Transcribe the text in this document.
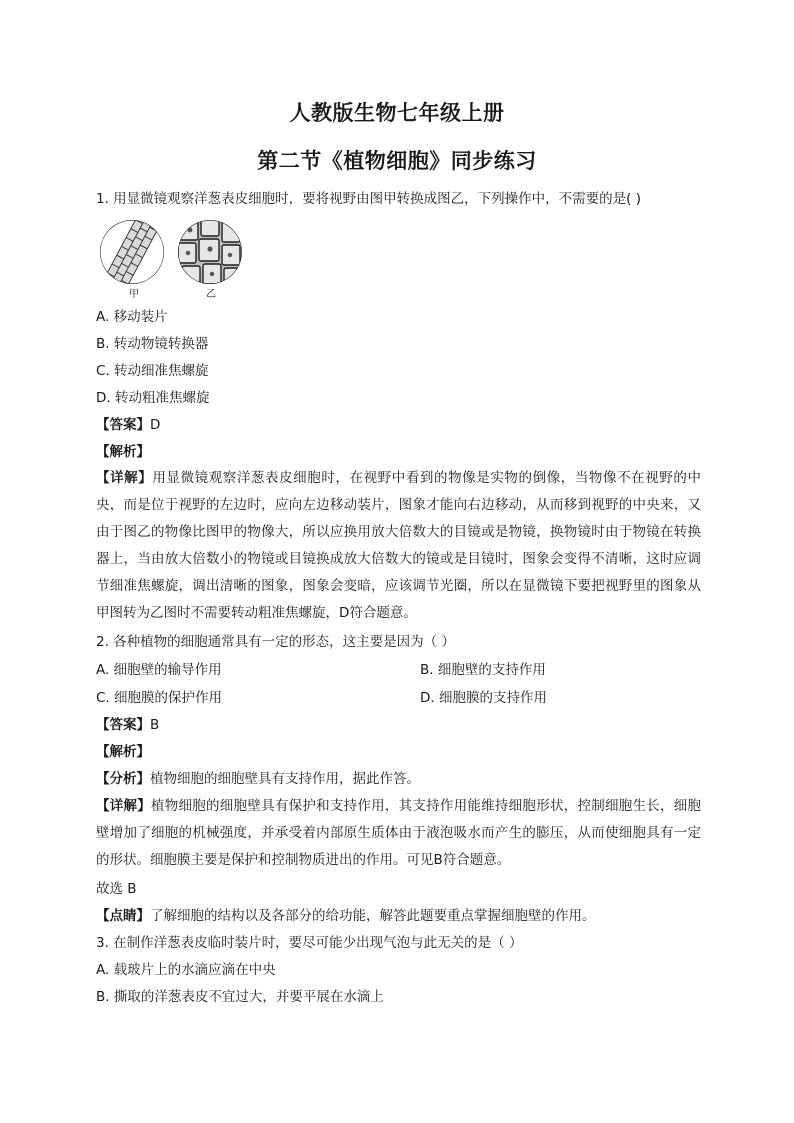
人教版生物七年级上册
第二节《植物细胞》同步练习
1. 用显微镜观察洋葱表皮细胞时，要将视野由图甲转换成图乙，下列操作中，不需要的是( )
甲	乙
A. 移动装片
B. 转动物镜转换器
C. 转动细准焦螺旋
D. 转动粗准焦螺旋
【答案】D
【解析】
【详解】用显微镜观察洋葱表皮细胞时，在视野中看到的物像是实物的倒像，当物像不在视野的中央，而是位于视野的左边时，应向左边移动装片，图象才能向右边移动，从而移到视野的中央来，又由于图乙的物像比图甲的物像大，所以应换用放大倍数大的目镜或是物镜，换物镜时由于物镜在转换器上，当由放大倍数小的物镜或目镜换成放大倍数大的镜或是目镜时，图象会变得不清晰，这时应调节细准焦螺旋，调出清晰的图象，图象会变暗，应该调节光圈，所以在显微镜下要把视野里的图象从甲图转为乙图时不需要转动粗准焦螺旋，D符合题意。
2. 各种植物的细胞通常具有一定的形态，这主要是因为（ ）
A. 细胞壁的输导作用	B. 细胞壁的支持作用
C. 细胞膜的保护作用	D. 细胞膜的支持作用
【答案】B
【解析】
【分析】植物细胞的细胞壁具有支持作用，据此作答。
【详解】植物细胞的细胞壁具有保护和支持作用，其支持作用能维持细胞形状，控制细胞生长，细胞壁增加了细胞的机械强度，并承受着内部原生质体由于液泡吸水而产生的膨压，从而使细胞具有一定的形状。细胞膜主要是保护和控制物质进出的作用。可见B符合题意。
故选 B
【点睛】了解细胞的结构以及各部分的给功能，解答此题要重点掌握细胞壁的作用。
3. 在制作洋葱表皮临时装片时，要尽可能少出现气泡与此无关的是（ ）
A. 载玻片上的水滴应滴在中央
B. 撕取的洋葱表皮不宜过大，并要平展在水滴上
